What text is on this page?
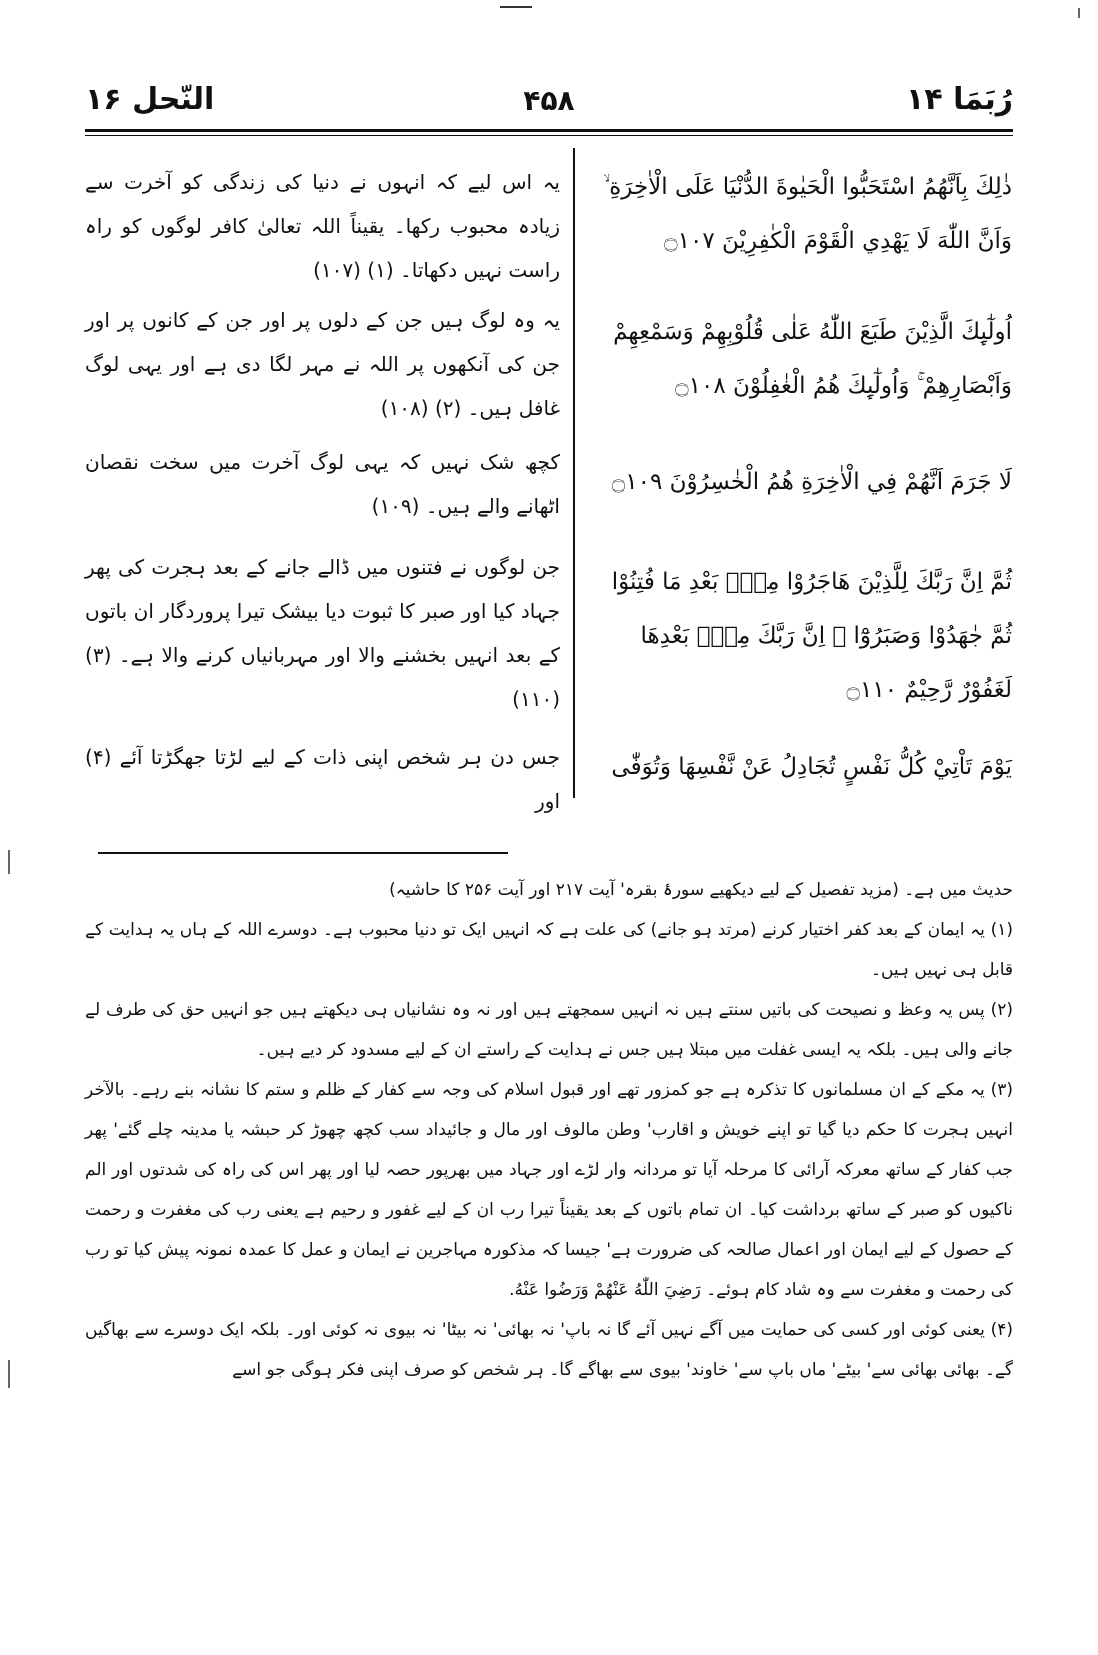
رُبَمَا ۱۴
۴۵۸
النّحل ۱۶

ذٰلِكَ بِاَنَّهُمُ اسْتَحَبُّوا الْحَيٰوةَ الدُّنْيَا عَلَى الْاٰخِرَةِ ۙ وَاَنَّ اللّٰهَ لَا يَهْدِي الْقَوْمَ الْكٰفِرِيْنَ ۝۱۰۷

اُولٰٓىِٕكَ الَّذِيْنَ طَبَعَ اللّٰهُ عَلٰى قُلُوْبِهِمْ وَسَمْعِهِمْ وَاَبْصَارِهِمْ ۚ وَاُولٰٓىِٕكَ هُمُ الْغٰفِلُوْنَ ۝۱۰۸

لَا جَرَمَ اَنَّهُمْ فِي الْاٰخِرَةِ هُمُ الْخٰسِرُوْنَ ۝۱۰۹

ثُمَّ اِنَّ رَبَّكَ لِلَّذِيْنَ هَاجَرُوْا مِنْۢ بَعْدِ مَا فُتِنُوْا ثُمَّ جٰهَدُوْا وَصَبَرُوْٓا ۙ اِنَّ رَبَّكَ مِنْۢ بَعْدِهَا لَغَفُوْرٌ رَّحِيْمٌ ۝۱۱۰

يَوْمَ تَاْتِيْ كُلُّ نَفْسٍ تُجَادِلُ عَنْ نَّفْسِهَا وَتُوَفّٰى

یہ اس لیے کہ انہوں نے دنیا کی زندگی کو آخرت سے زیادہ محبوب رکھا۔ یقیناً اللہ تعالیٰ کافر لوگوں کو راہ راست نہیں دکھاتا۔ (۱) (۱۰۷)

یہ وہ لوگ ہیں جن کے دلوں پر اور جن کے کانوں پر اور جن کی آنکھوں پر اللہ نے مہر لگا دی ہے اور یہی لوگ غافل ہیں۔ (۲) (۱۰۸)

کچھ شک نہیں کہ یہی لوگ آخرت میں سخت نقصان اٹھانے والے ہیں۔ (۱۰۹)

جن لوگوں نے فتنوں میں ڈالے جانے کے بعد ہجرت کی پھر جہاد کیا اور صبر کا ثبوت دیا بیشک تیرا پروردگار ان باتوں کے بعد انہیں بخشنے والا اور مہربانیاں کرنے والا ہے۔ (۳) (۱۱۰)

جس دن ہر شخص اپنی ذات کے لیے لڑتا جھگڑتا آئے (۴) اور

حدیث میں ہے۔ (مزید تفصیل کے لیے دیکھیے سورۂ بقرہ' آیت ۲۱۷ اور آیت ۲۵۶ کا حاشیہ)

(۱) یہ ایمان کے بعد کفر اختیار کرنے (مرتد ہو جانے) کی علت ہے کہ انہیں ایک تو دنیا محبوب ہے۔ دوسرے اللہ کے ہاں یہ ہدایت کے قابل ہی نہیں ہیں۔

(۲) پس یہ وعظ و نصیحت کی باتیں سنتے ہیں نہ انہیں سمجھتے ہیں اور نہ وہ نشانیاں ہی دیکھتے ہیں جو انہیں حق کی طرف لے جانے والی ہیں۔ بلکہ یہ ایسی غفلت میں مبتلا ہیں جس نے ہدایت کے راستے ان کے لیے مسدود کر دیے ہیں۔

(۳) یہ مکے کے ان مسلمانوں کا تذکرہ ہے جو کمزور تھے اور قبول اسلام کی وجہ سے کفار کے ظلم و ستم کا نشانہ بنے رہے۔ بالآخر انہیں ہجرت کا حکم دیا گیا تو اپنے خویش و اقارب' وطن مالوف اور مال و جائیداد سب کچھ چھوڑ کر حبشہ یا مدینہ چلے گئے' پھر جب کفار کے ساتھ معرکہ آرائی کا مرحلہ آیا تو مردانہ وار لڑے اور جہاد میں بھرپور حصہ لیا اور پھر اس کی راہ کی شدتوں اور الم ناکیوں کو صبر کے ساتھ برداشت کیا۔ ان تمام باتوں کے بعد یقیناً تیرا رب ان کے لیے غفور و رحیم ہے یعنی رب کی مغفرت و رحمت کے حصول کے لیے ایمان اور اعمال صالحہ کی ضرورت ہے' جیسا کہ مذکورہ مہاجرین نے ایمان و عمل کا عمدہ نمونہ پیش کیا تو رب کی رحمت و مغفرت سے وہ شاد کام ہوئے۔ رَضِيَ اللّٰهُ عَنْهُمْ وَرَضُوا عَنْهُ.

(۴) یعنی کوئی اور کسی کی حمایت میں آگے نہیں آئے گا نہ باپ' نہ بھائی' نہ بیٹا' نہ بیوی نہ کوئی اور۔ بلکہ ایک دوسرے سے بھاگیں گے۔ بھائی بھائی سے' بیٹے' ماں باپ سے' خاوند' بیوی سے بھاگے گا۔ ہر شخص کو صرف اپنی فکر ہوگی جو اسے
